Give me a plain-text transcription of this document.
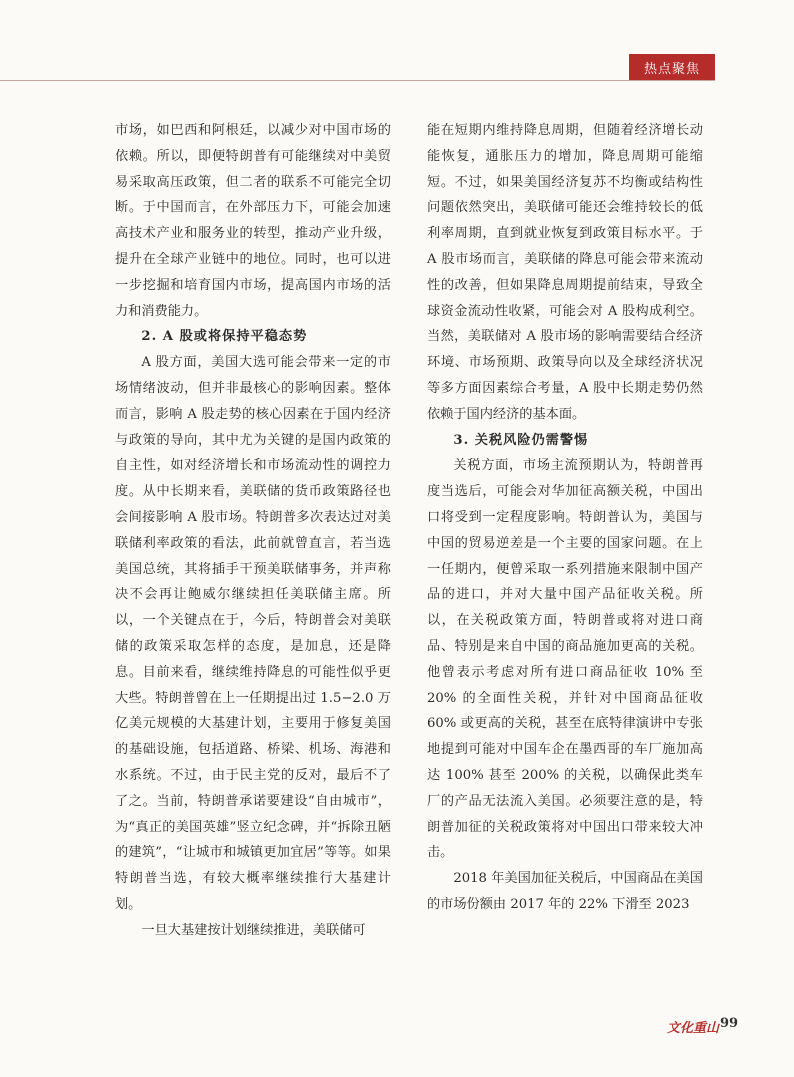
热点聚焦

市场，如巴西和阿根廷，以减少对中国市场的依赖。所以，即便特朗普有可能继续对中美贸易采取高压政策，但二者的联系不可能完全切断。于中国而言，在外部压力下，可能会加速高技术产业和服务业的转型，推动产业升级，提升在全球产业链中的地位。同时，也可以进一步挖掘和培育国内市场，提高国内市场的活力和消费能力。

2. A 股或将保持平稳态势

A 股方面，美国大选可能会带来一定的市场情绪波动，但并非最核心的影响因素。整体而言，影响 A 股走势的核心因素在于国内经济与政策的导向，其中尤为关键的是国内政策的自主性，如对经济增长和市场流动性的调控力度。从中长期来看，美联储的货币政策路径也会间接影响 A 股市场。特朗普多次表达过对美联储利率政策的看法，此前就曾直言，若当选美国总统，其将插手干预美联储事务，并声称决不会再让鲍威尔继续担任美联储主席。所以，一个关键点在于，今后，特朗普会对美联储的政策采取怎样的态度，是加息，还是降息。目前来看，继续维持降息的可能性似乎更大些。特朗普曾在上一任期提出过 1.5−2.0 万亿美元规模的大基建计划，主要用于修复美国的基础设施，包括道路、桥梁、机场、海港和水系统。不过，由于民主党的反对，最后不了了之。当前，特朗普承诺要建设“自由城市”，为“真正的美国英雄”竖立纪念碑，并“拆除丑陋的建筑”，“让城市和城镇更加宜居”等等。如果特朗普当选，有较大概率继续推行大基建计划。

一旦大基建按计划继续推进，美联储可

能在短期内维持降息周期，但随着经济增长动能恢复，通胀压力的增加，降息周期可能缩短。不过，如果美国经济复苏不均衡或结构性问题依然突出，美联储可能还会维持较长的低利率周期，直到就业恢复到政策目标水平。于 A 股市场而言，美联储的降息可能会带来流动性的改善，但如果降息周期提前结束，导致全球资金流动性收紧，可能会对 A 股构成利空。当然，美联储对 A 股市场的影响需要结合经济环境、市场预期、政策导向以及全球经济状况等多方面因素综合考量，A 股中长期走势仍然依赖于国内经济的基本面。

3. 关税风险仍需警惕

关税方面，市场主流预期认为，特朗普再度当选后，可能会对华加征高额关税，中国出口将受到一定程度影响。特朗普认为，美国与中国的贸易逆差是一个主要的国家问题。在上一任期内，便曾采取一系列措施来限制中国产品的进口，并对大量中国产品征收关税。所以，在关税政策方面，特朗普或将对进口商品、特别是来自中国的商品施加更高的关税。他曾表示考虑对所有进口商品征收 10% 至 20% 的全面性关税，并针对中国商品征收 60% 或更高的关税，甚至在底特律演讲中专张地提到可能对中国车企在墨西哥的车厂施加高达 100% 甚至 200% 的关税，以确保此类车厂的产品无法流入美国。必须要注意的是，特朗普加征的关税政策将对中国出口带来较大冲击。

2018 年美国加征关税后，中国商品在美国的市场份额由 2017 年的 22% 下滑至 2023

文化重山 99
